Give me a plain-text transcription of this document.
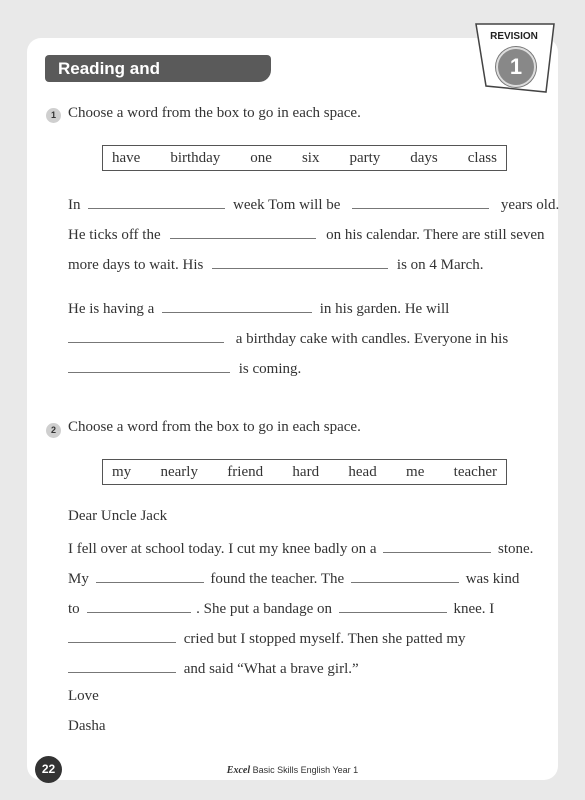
Reading and Comprehension
REVISION
1
1 Choose a word from the box to go in each space.
have birthday one six party days class
In	week Tom will be	years old.
He ticks off the	on his calendar. There are still seven
more days to wait. His	is on 4 March.
He is having a	in his garden. He will
a birthday cake with candles. Everyone in his
is coming.
2 Choose a word from the box to go in each space.
my nearly friend hard head me teacher
Dear Uncle Jack
I fell over at school today. I cut my knee badly on a	stone.
My	found the teacher. The	was kind
to	. She put a bandage on	knee. I
cried but I stopped myself. Then she patted my
and said “What a brave girl.”
Love
Dasha
22	Excel Basic Skills English Year 1
